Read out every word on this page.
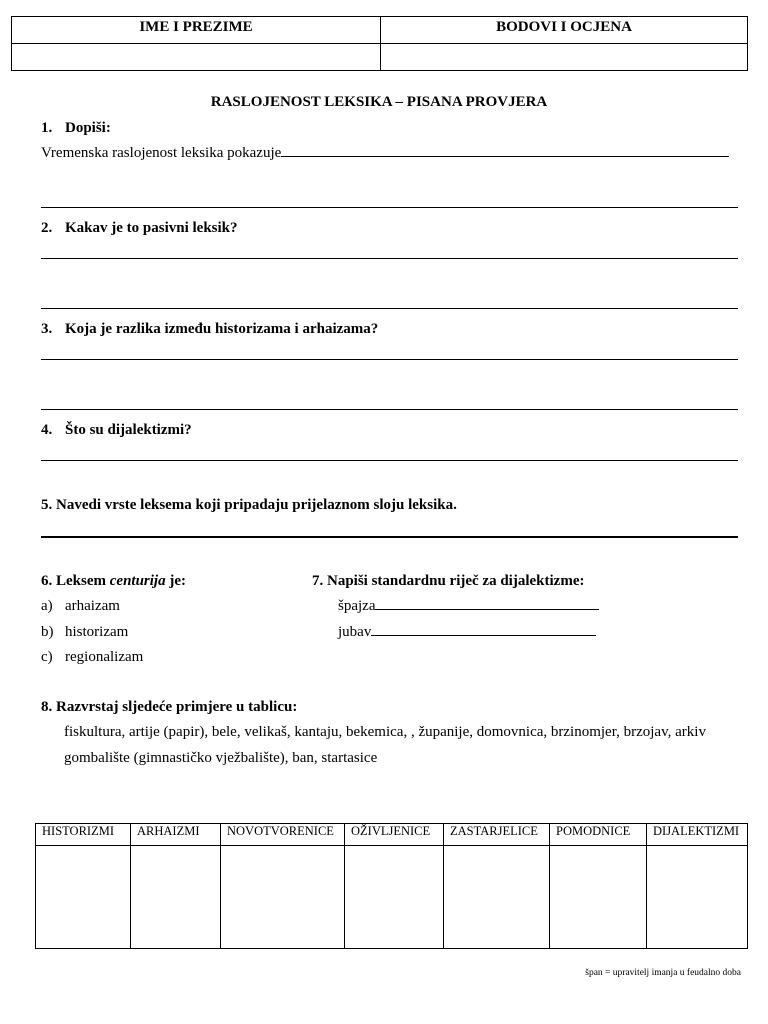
IME I PREZIME	BODOVI I OCJENA

RASLOJENOST LEKSIKA – PISANA PROVJERA
1. Dopiši:
Vremenska raslojenost leksika pokazuje
2. Kakav je to pasivni leksik?
3. Koja je razlika između historizama i arhaizama?
4. Što su dijalektizmi?
5. Navedi vrste leksema koji pripadaju prijelaznom sloju leksika.
6. Leksem centurija je:
a) arhaizam
b) historizam
c) regionalizam
7. Napiši standardnu riječ za dijalektizme:
špajza
jubav
8. Razvrstaj sljedeće primjere u tablicu:
fiskultura, artije (papir), bele, velikaš, kantaju, bekemica, , županije, domovnica, brzinomjer, brzojav, arkiv
gombalište (gimnastičko vježbalište), ban, startasice
HISTORIZMI	ARHAIZMI	NOVOTVORENICE	OŽIVLJENICE	ZASTARJELICE	POMODNICE	DIJALEKTIZMI

špan = upravitelj imanja u feudalno doba
